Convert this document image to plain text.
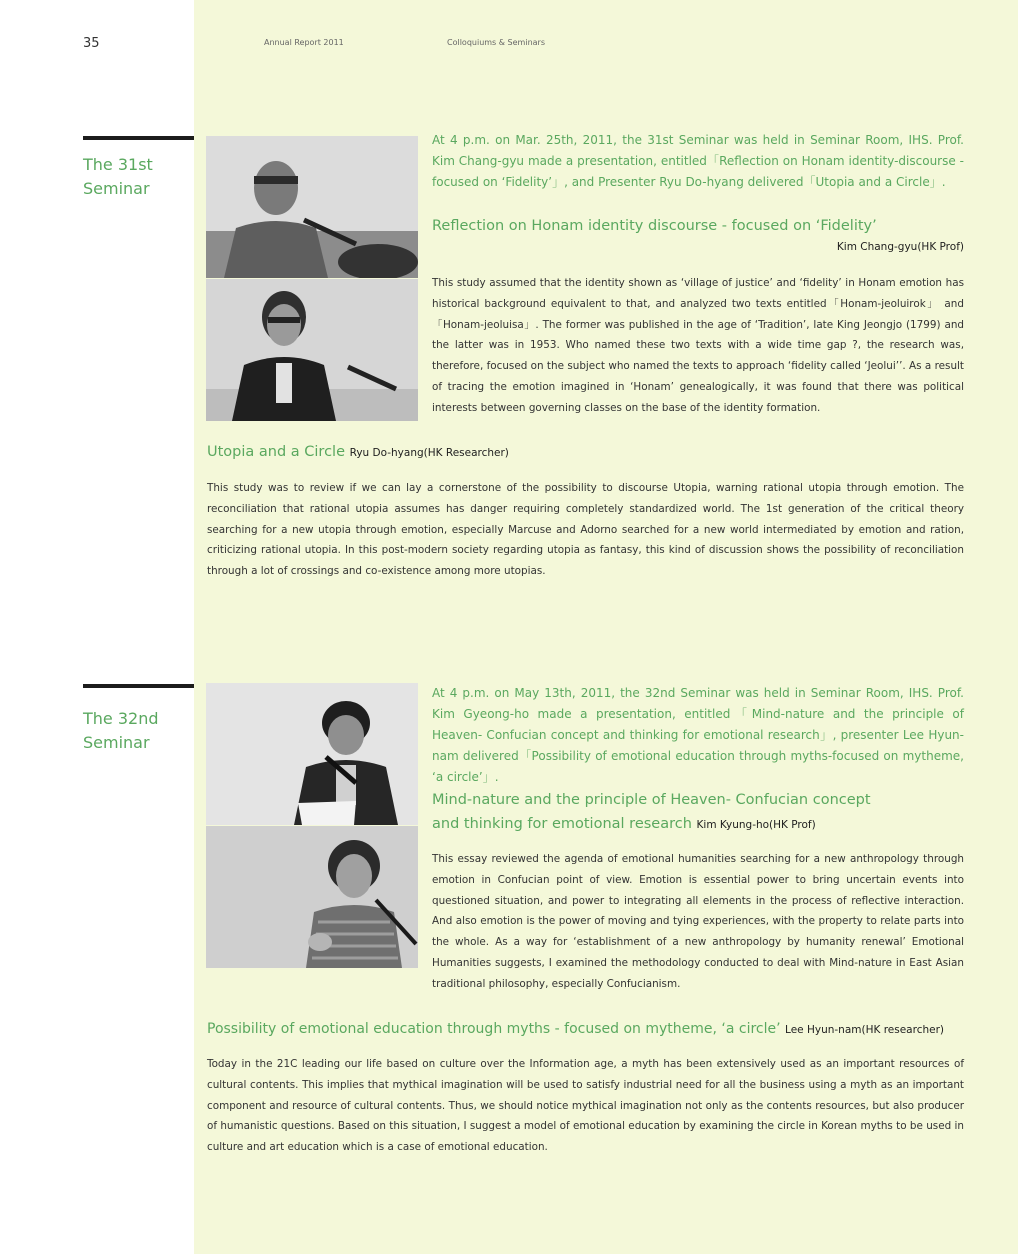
35	Annual Report 2011	Colloquiums & Seminars
The 31st Seminar
At 4 p.m. on Mar. 25th, 2011, the 31st Seminar was held in Seminar Room, IHS. Prof. Kim Chang-gyu made a presentation, entitled「Reflection on Honam identity-discourse - focused on ‘Fidelity’」, and Presenter Ryu Do-hyang delivered「Utopia and a Circle」.
Reflection on Honam identity discourse - focused on ‘Fidelity’
Kim Chang-gyu(HK Prof)
This study assumed that the identity shown as ‘village of justice’ and ‘fidelity’ in Honam emotion has historical background equivalent to that, and analyzed two texts entitled「Honam-jeoluirok」 and「Honam-jeoluisa」. The former was published in the age of ‘Tradition’, late King Jeongjo (1799) and the latter was in 1953. Who named these two texts with a wide time gap ?, the research was, therefore, focused on the subject who named the texts to approach ‘fidelity called ‘Jeolui’’. As a result of tracing the emotion imagined in ‘Honam’ genealogically, it was found that there was political interests between governing classes on the base of the identity formation.
Utopia and a Circle Ryu Do-hyang(HK Researcher)
This study was to review if we can lay a cornerstone of the possibility to discourse Utopia, warning rational utopia through emotion. The reconciliation that rational utopia assumes has danger requiring completely standardized world. The 1st generation of the critical theory searching for a new utopia through emotion, especially Marcuse and Adorno searched for a new world intermediated by emotion and ration, criticizing rational utopia. In this post-modern society regarding utopia as fantasy, this kind of discussion shows the possibility of reconciliation through a lot of crossings and co-existence among more utopias.
The 32nd Seminar
At 4 p.m. on May 13th, 2011, the 32nd Seminar was held in Seminar Room, IHS. Prof. Kim Gyeong-ho made a presentation, entitled「Mind-nature and the principle of Heaven- Confucian concept and thinking for emotional research」, presenter Lee Hyun-nam delivered「Possibility of emotional education through myths-focused on mytheme, ‘a circle’」.
Mind-nature and the principle of Heaven- Confucian concept
and thinking for emotional research Kim Kyung-ho(HK Prof)
This essay reviewed the agenda of emotional humanities searching for a new anthropology through emotion in Confucian point of view. Emotion is essential power to bring uncertain events into questioned situation, and power to integrating all elements in the process of reflective interaction. And also emotion is the power of moving and tying experiences, with the property to relate parts into the whole. As a way for ‘establishment of a new anthropology by humanity renewal’ Emotional Humanities suggests, I examined the methodology conducted to deal with Mind-nature in East Asian traditional philosophy, especially Confucianism.
Possibility of emotional education through myths - focused on mytheme, ‘a circle’ Lee Hyun-nam(HK researcher)
Today in the 21C leading our life based on culture over the Information age, a myth has been extensively used as an important resources of cultural contents. This implies that mythical imagination will be used to satisfy industrial need for all the business using a myth as an important component and resource of cultural contents. Thus, we should notice mythical imagination not only as the contents resources, but also producer of humanistic questions. Based on this situation, I suggest a model of emotional education by examining the circle in Korean myths to be used in culture and art education which is a case of emotional education.
